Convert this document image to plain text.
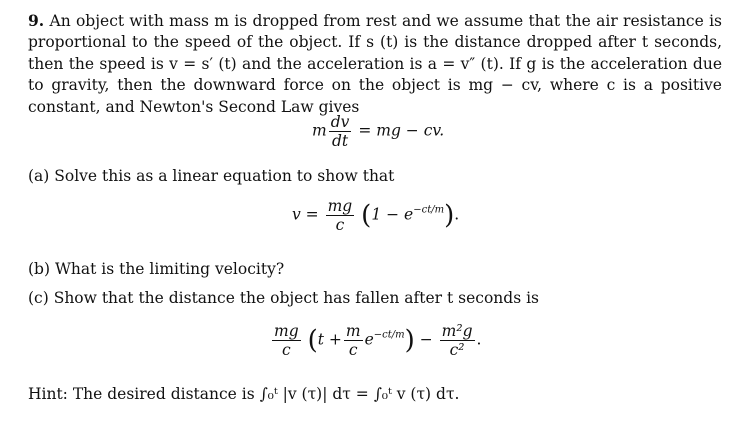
9. An object with mass m is dropped from rest and we assume that the air resistance is proportional to the speed of the object. If s (t) is the distance dropped after t seconds, then the speed is v = s′ (t) and the acceleration is a = v″ (t). If g is the acceleration due to gravity, then the downward force on the object is mg − cv, where c is a positive constant, and Newton's Second Law gives
m $\frac{dv}{dt}$ = mg − cv.
(a) Solve this as a linear equation to show that
$v = \frac{mg}{c} (1 - e^{-ct/m})$.
(b) What is the limiting velocity?
(c) Show that the distance the object has fallen after t seconds is
$\frac{mg}{c} (t + \frac{m}{c} e^{-ct/m}) - \frac{\text{m²g}}{\text{c²}}$ .
Hint: The desired distance is ∫₀ᵗ |v (τ)| dτ = ∫₀ᵗ v (τ) dτ.
